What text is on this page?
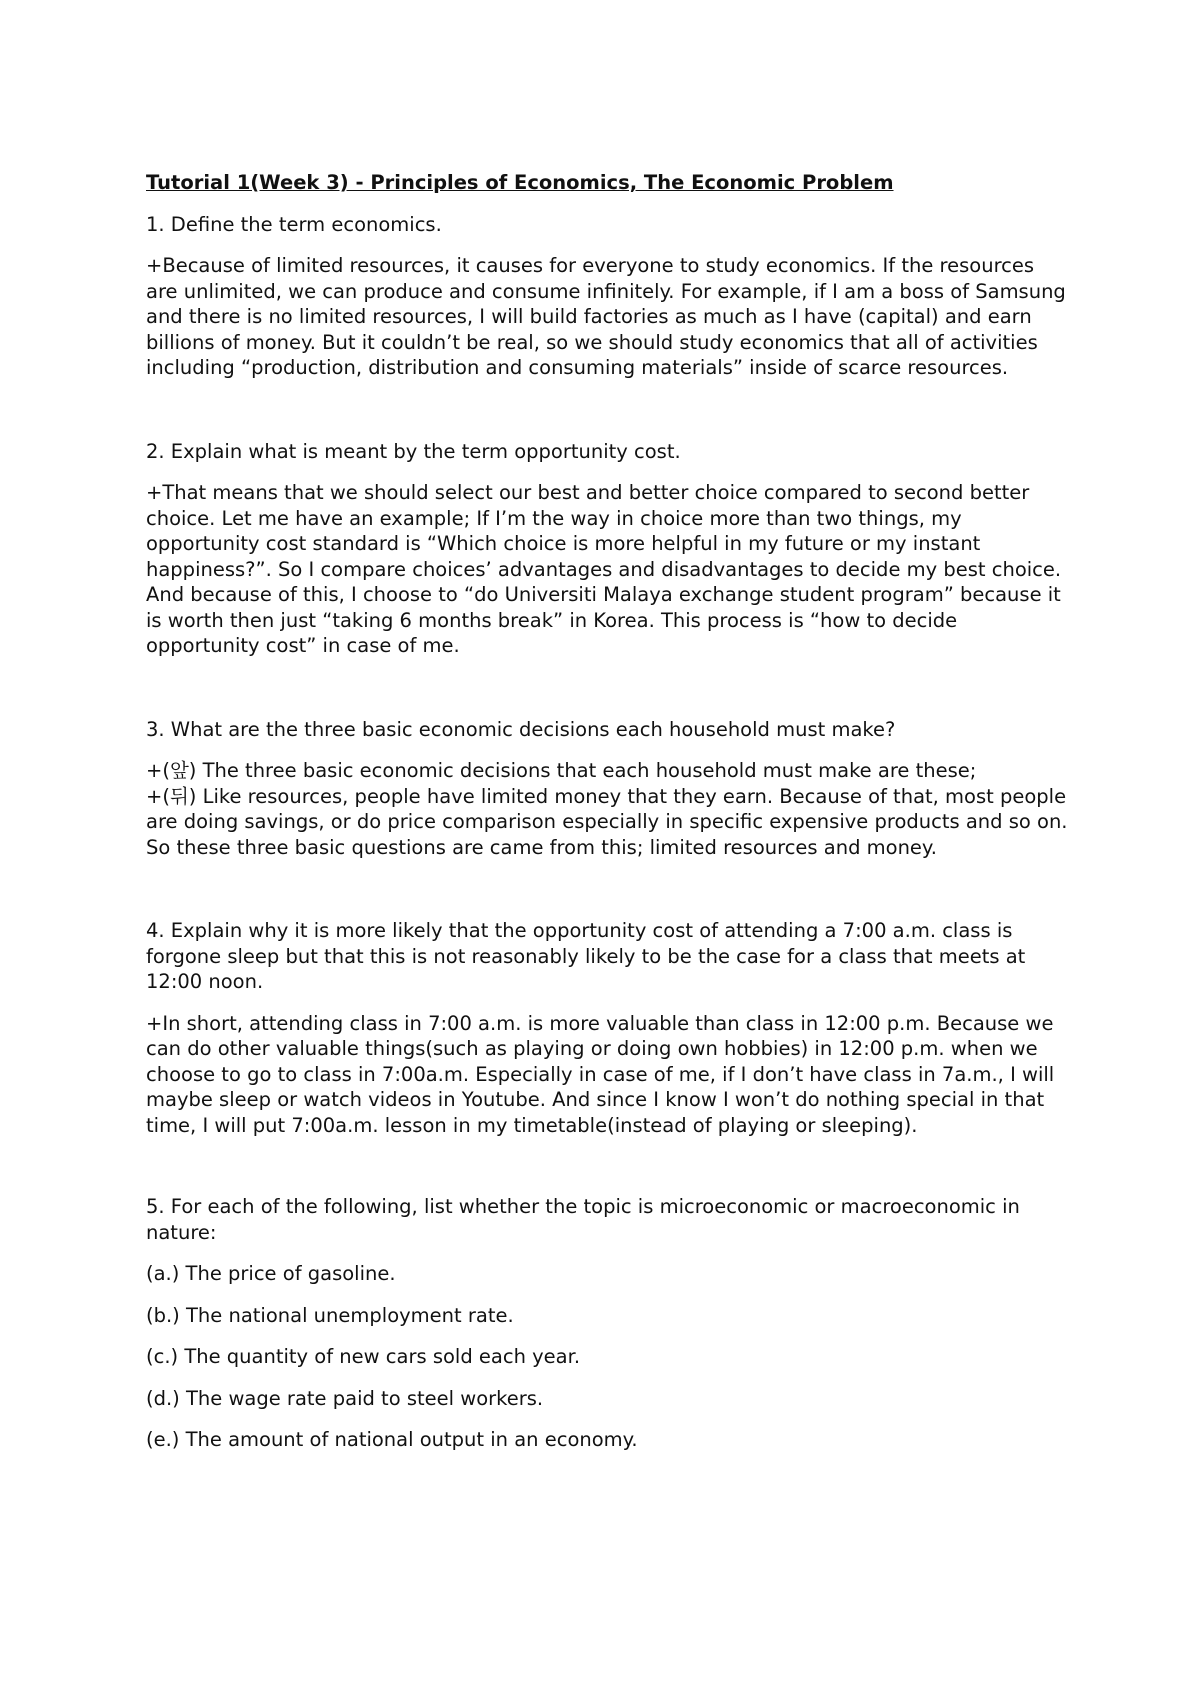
Tutorial 1(Week 3) - Principles of Economics, The Economic Problem
1. Define the term economics.
+Because of limited resources, it causes for everyone to study economics. If the resources are unlimited, we can produce and consume infinitely. For example, if I am a boss of Samsung and there is no limited resources, I will build factories as much as I have (capital) and earn billions of money. But it couldn’t be real, so we should study economics that all of activities including “production, distribution and consuming materials” inside of scarce resources.
2. Explain what is meant by the term opportunity cost.
+That means that we should select our best and better choice compared to second better choice. Let me have an example; If I’m the way in choice more than two things, my opportunity cost standard is “Which choice is more helpful in my future or my instant happiness?”. So I compare choices’ advantages and disadvantages to decide my best choice. And because of this, I choose to “do Universiti Malaya exchange student program” because it is worth then just “taking 6 months break” in Korea. This process is “how to decide opportunity cost” in case of me.
3. What are the three basic economic decisions each household must make?
+(앞) The three basic economic decisions that each household must make are these;
+(뒤) Like resources, people have limited money that they earn. Because of that, most people are doing savings, or do price comparison especially in specific expensive products and so on. So these three basic questions are came from this; limited resources and money.
4. Explain why it is more likely that the opportunity cost of attending a 7:00 a.m. class is forgone sleep but that this is not reasonably likely to be the case for a class that meets at 12:00 noon.
+In short, attending class in 7:00 a.m. is more valuable than class in 12:00 p.m. Because we can do other valuable things(such as playing or doing own hobbies) in 12:00 p.m. when we choose to go to class in 7:00a.m. Especially in case of me, if I don’t have class in 7a.m., I will maybe sleep or watch videos in Youtube. And since I know I won’t do nothing special in that time, I will put 7:00a.m. lesson in my timetable(instead of playing or sleeping).
5. For each of the following, list whether the topic is microeconomic or macroeconomic in nature:
(a.) The price of gasoline.
(b.) The national unemployment rate.
(c.) The quantity of new cars sold each year.
(d.) The wage rate paid to steel workers.
(e.) The amount of national output in an economy.
